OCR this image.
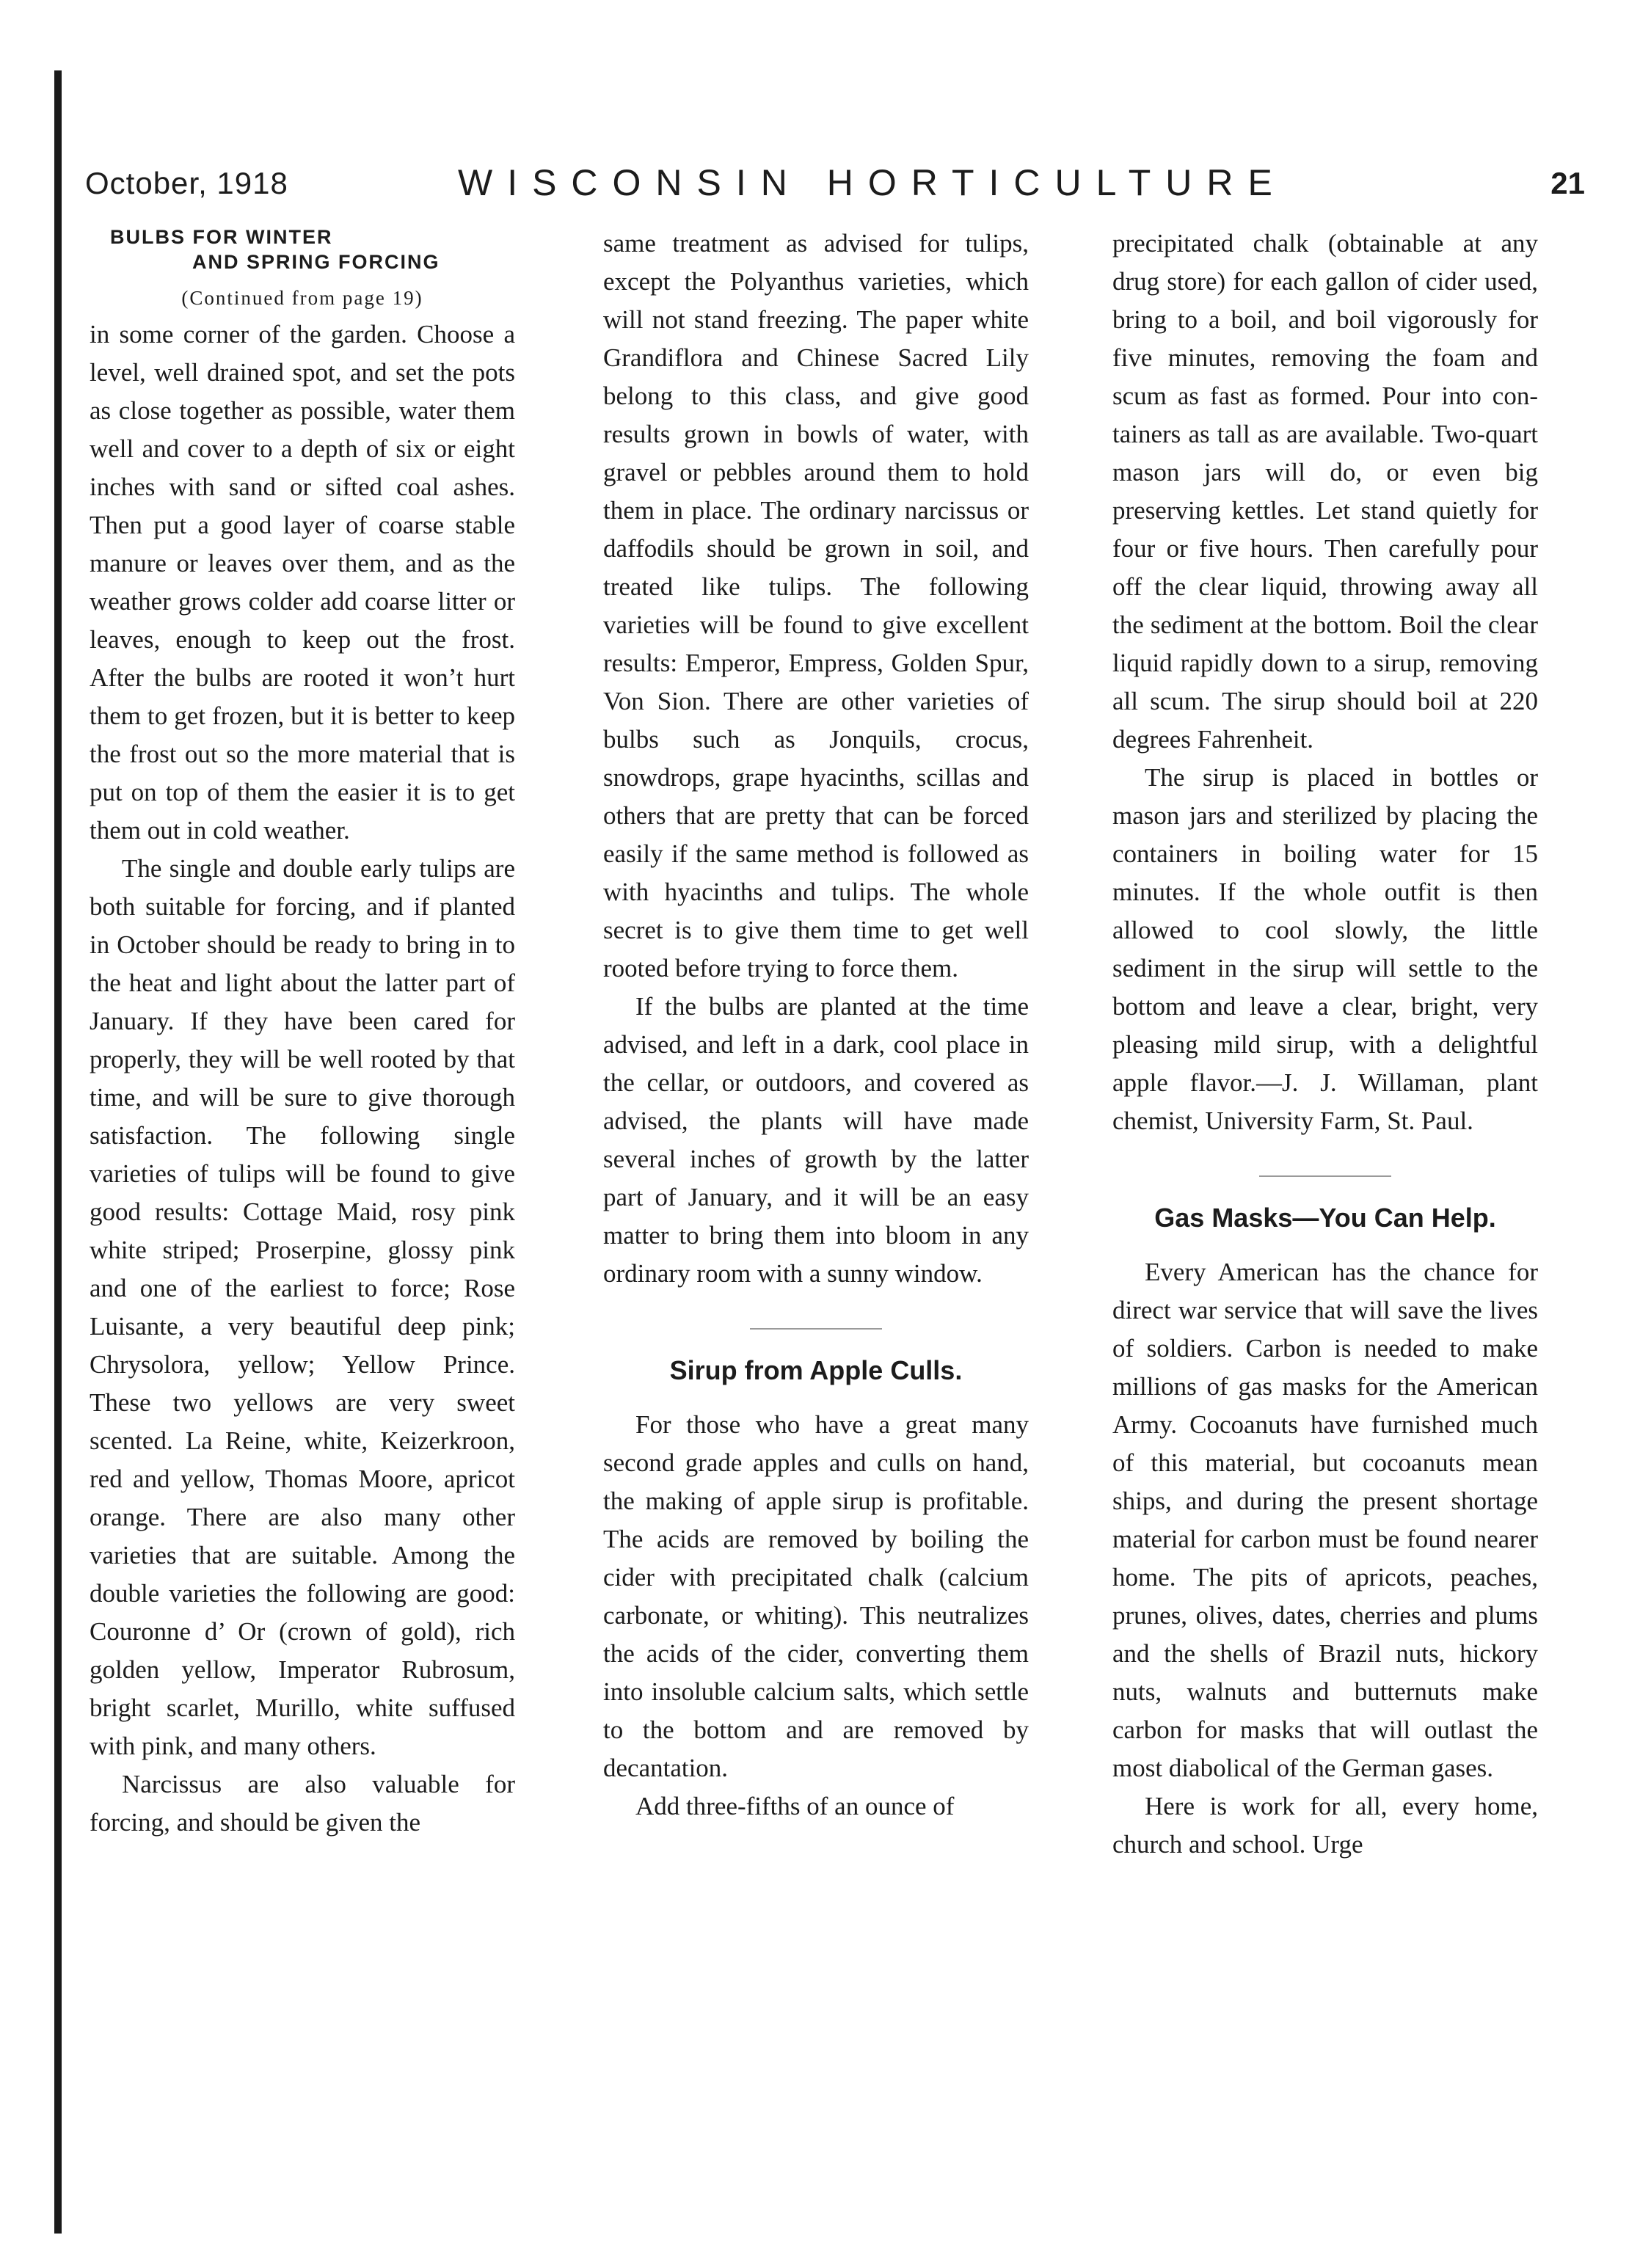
October, 1918	WISCONSIN HORTICULTURE	21
BULBS FOR WINTER
AND SPRING FORCING
(Continued from page 19)

in some corner of the garden. Choose a level, well drained spot, and set the pots as close together as possible, water them well and cover to a depth of six or eight inches with sand or sifted coal ashes. Then put a good layer of coarse stable manure or leaves over them, and as the weather grows colder add coarse litter or leaves, enough to keep out the frost. After the bulbs are rooted it won’t hurt them to get frozen, but it is better to keep the frost out so the more material that is put on top of them the easier it is to get them out in cold weather.

The single and double early tulips are both suitable for forcing, and if planted in October should be ready to bring in to the heat and light about the latter part of January. If they have been cared for properly, they will be well rooted by that time, and will be sure to give thorough satisfaction. The following single varieties of tulips will be found to give good results: Cottage Maid, rosy pink white striped; Proserpine, glossy pink and one of the earliest to force; Rose Luisante, a very beautiful deep pink; Chrysolora, yellow; Yellow Prince. These two yellows are very sweet scented. La Reine, white, Keizerkroon, red and yellow, Thomas Moore, apricot orange. There are also many other varieties that are suitable. Among the double varieties the following are good: Couronne d’ Or (crown of gold), rich golden yellow, Imperator Rubrosum, bright scarlet, Murillo, white suffused with pink, and many others.

Narcissus are also valuable for forcing, and should be given the

same treatment as advised for tulips, except the Polyanthus varieties, which will not stand freezing. The paper white Grandiflora and Chinese Sacred Lily belong to this class, and give good results grown in bowls of water, with gravel or pebbles around them to hold them in place. The ordinary narcissus or daffodils should be grown in soil, and treated like tulips. The following varieties will be found to give excellent results: Emperor, Empress, Golden Spur, Von Sion. There are other varieties of bulbs such as Jonquils, crocus, snowdrops, grape hyacinths, scillas and others that are pretty that can be forced easily if the same method is followed as with hyacinths and tulips. The whole secret is to give them time to get well rooted before trying to force them.

If the bulbs are planted at the time advised, and left in a dark, cool place in the cellar, or outdoors, and covered as advised, the plants will have made several inches of growth by the latter part of January, and it will be an easy matter to bring them into bloom in any ordinary room with a sunny window.

Sirup from Apple Culls.

For those who have a great many second grade apples and culls on hand, the making of apple sirup is profitable. The acids are removed by boiling the cider with precipitated chalk (calcium carbonate, or whiting). This neutralizes the acids of the cider, converting them into insoluble calcium salts, which settle to the bottom and are removed by decantation.

Add three-fifths of an ounce of

precipitated chalk (obtainable at any drug store) for each gallon of cider used, bring to a boil, and boil vigorously for five minutes, removing the foam and scum as fast as formed. Pour into containers as tall as are available. Two-quart mason jars will do, or even big preserving kettles. Let stand quietly for four or five hours. Then carefully pour off the clear liquid, throwing away all the sediment at the bottom. Boil the clear liquid rapidly down to a sirup, removing all scum. The sirup should boil at 220 degrees Fahrenheit.

The sirup is placed in bottles or mason jars and sterilized by placing the containers in boiling water for 15 minutes. If the whole outfit is then allowed to cool slowly, the little sediment in the sirup will settle to the bottom and leave a clear, bright, very pleasing mild sirup, with a delightful apple flavor.—J. J. Willaman, plant chemist, University Farm, St. Paul.

Gas Masks—You Can Help.

Every American has the chance for direct war service that will save the lives of soldiers. Carbon is needed to make millions of gas masks for the American Army. Cocoanuts have furnished much of this material, but cocoanuts mean ships, and during the present shortage material for carbon must be found nearer home. The pits of apricots, peaches, prunes, olives, dates, cherries and plums and the shells of Brazil nuts, hickory nuts, walnuts and butternuts make carbon for masks that will outlast the most diabolical of the German gases.

Here is work for all, every home, church and school. Urge
